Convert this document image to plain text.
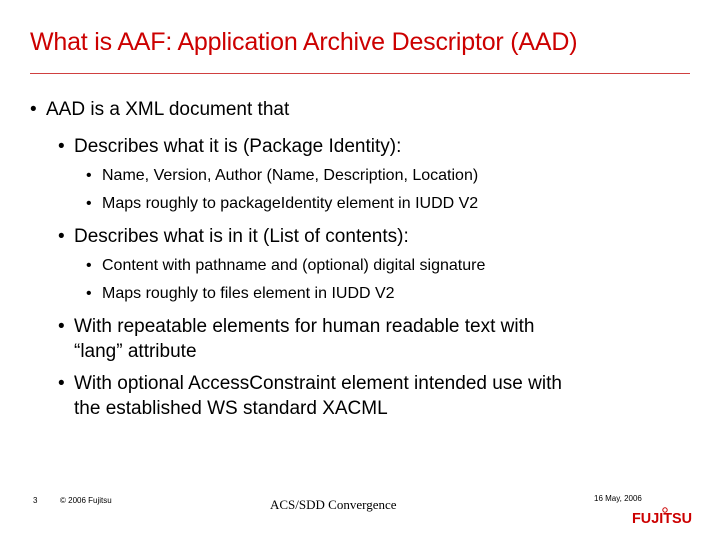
What is AAF: Application Archive Descriptor (AAD)
• AAD is a XML document that
• Describes what it is (Package Identity):
• Name, Version, Author (Name, Description, Location)
• Maps roughly to packageIdentity element in IUDD V2
• Describes what is in it (List of contents):
• Content with pathname and (optional) digital signature
• Maps roughly to files element in IUDD V2
• With repeatable elements for human readable text with
“lang” attribute
• With optional AccessConstraint element intended use with
the established WS standard XACML
3	© 2006 Fujitsu	ACS/SDD Convergence	16 May, 2006
FUJITSU
